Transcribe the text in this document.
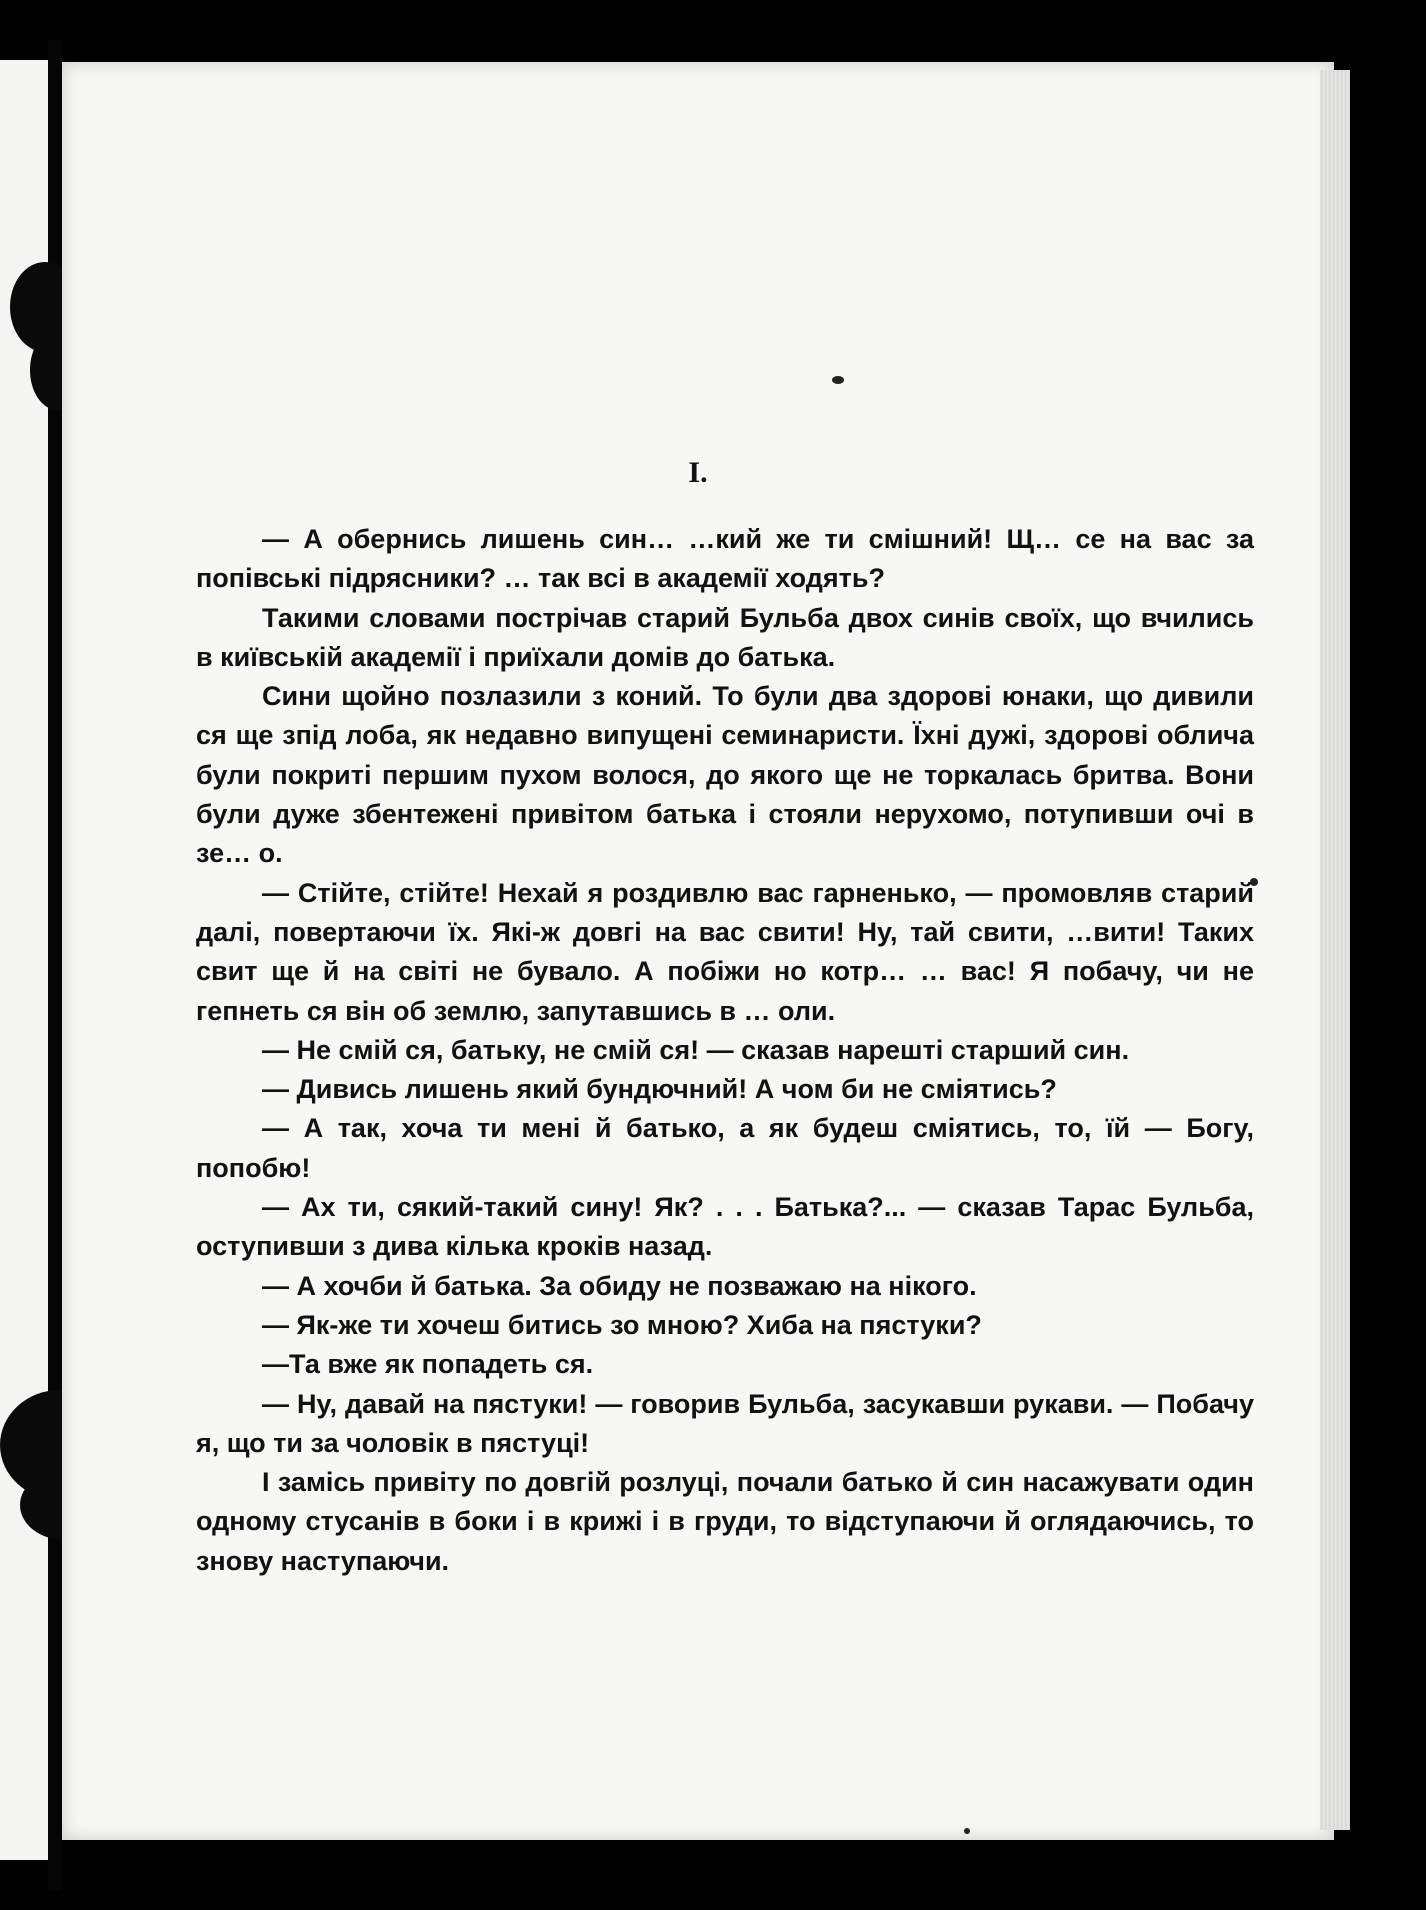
I.

— А обернись лишень син… …кий же ти смішний! Щ… се на вас за попівські підрясники? … так всі в академії ходять?

Такими словами пострічав старий Бульба двох синів своїх, що вчились в київській академії і приїхали домів до батька.

Сини щойно позлазили з коний. То були два здорові юнаки, що дивили ся ще зпід лоба, як недавно випущені семинаристи. Їхні дужі, здорові облича були покриті першим пухом волося, до якого ще не торкалась бритва. Вони були дуже збентежені привітом батька і стояли нерухомо, потупивши очі в зе… о.

— Стійте, стійте! Нехай я роздивлю вас гарненько, — промовляв старий далі, повертаючи їх. Які-ж довгі на вас свити! Ну, тай свити, …вити! Таких свит ще й на світі не бувало. А побіжи но котр… … вас! Я побачу, чи не гепнеть ся він об землю, запутавшись в … оли.

— Не смій ся, батьку, не смій ся! — сказав нарешті старший син.

— Дивись лишень який бундючний! А чом би не сміятись?

— А так, хоча ти мені й батько, а як будеш сміятись, то, їй — Богу, попобю!

— Ах ти, сякий-такий сину! Як? . . . Батька?... — сказав Тарас Бульба, оступивши з дива кілька кроків назад.

— А хочби й батька. За обиду не позважаю на нікого.

— Як-же ти хочеш битись зо мною? Хиба на пястуки?

—Та вже як попадеть ся.

— Ну, давай на пястуки! — говорив Бульба, засукавши рукави. — Побачу я, що ти за чоловік в пястуці!

І замісь привіту по довгій розлуці, почали батько й син насажувати один одному стусанів в боки і в крижі і в груди, то відступаючи й оглядаючись, то знову наступаючи.
